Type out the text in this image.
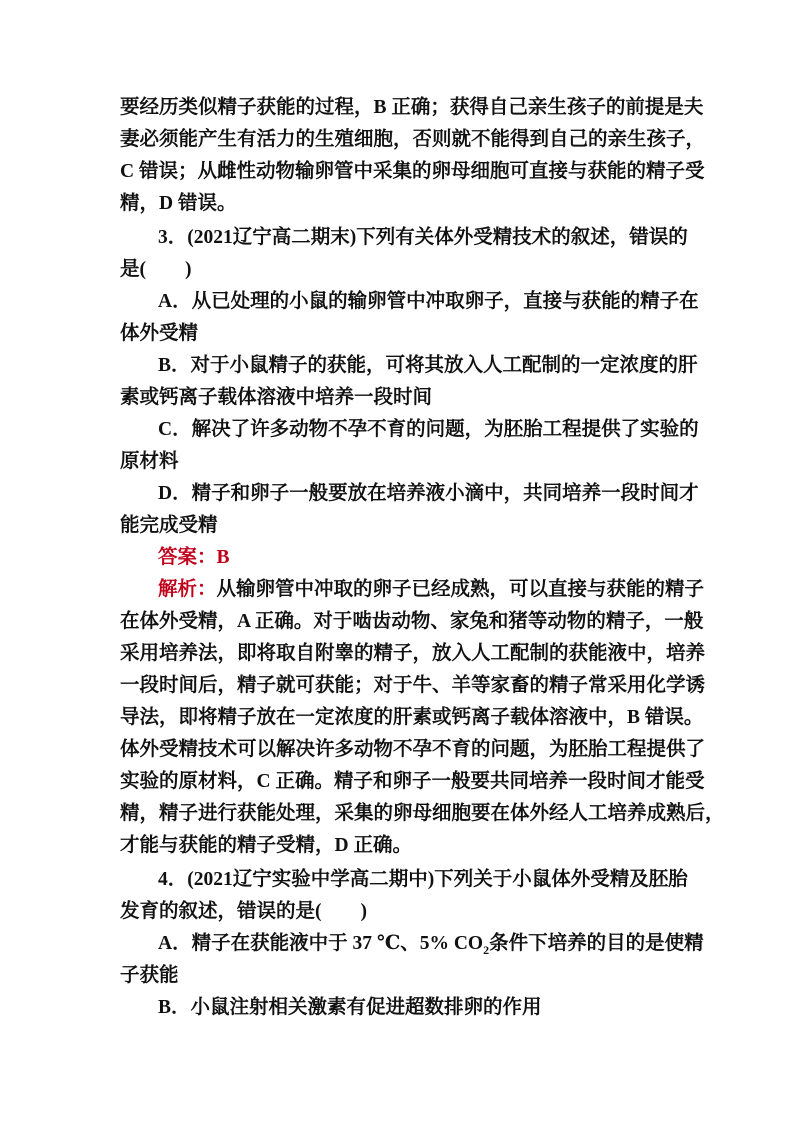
要经历类似精子获能的过程，B 正确；获得自己亲生孩子的前提是夫
妻必须能产生有活力的生殖细胞，否则就不能得到自己的亲生孩子，
C 错误；从雌性动物输卵管中采集的卵母细胞可直接与获能的精子受
精，D 错误。
3．(2021辽宁高二期末)下列有关体外受精技术的叙述，错误的
是(　　)
A．从已处理的小鼠的输卵管中冲取卵子，直接与获能的精子在
体外受精
B．对于小鼠精子的获能，可将其放入人工配制的一定浓度的肝
素或钙离子载体溶液中培养一段时间
C．解决了许多动物不孕不育的问题，为胚胎工程提供了实验的
原材料
D．精子和卵子一般要放在培养液小滴中，共同培养一段时间才
能完成受精
答案：B
解析：从输卵管中冲取的卵子已经成熟，可以直接与获能的精子
在体外受精，A 正确。对于啮齿动物、家兔和猪等动物的精子，一般
采用培养法，即将取自附睾的精子，放入人工配制的获能液中，培养
一段时间后，精子就可获能；对于牛、羊等家畜的精子常采用化学诱
导法，即将精子放在一定浓度的肝素或钙离子载体溶液中，B 错误。
体外受精技术可以解决许多动物不孕不育的问题，为胚胎工程提供了
实验的原材料，C 正确。精子和卵子一般要共同培养一段时间才能受
精，精子进行获能处理，采集的卵母细胞要在体外经人工培养成熟后，
才能与获能的精子受精，D 正确。
4．(2021辽宁实验中学高二期中)下列关于小鼠体外受精及胚胎
发育的叙述，错误的是(　　)
A．精子在获能液中于 37 ℃、5% $CO_2$条件下培养的目的是使精
子获能
B．小鼠注射相关激素有促进超数排卵的作用
